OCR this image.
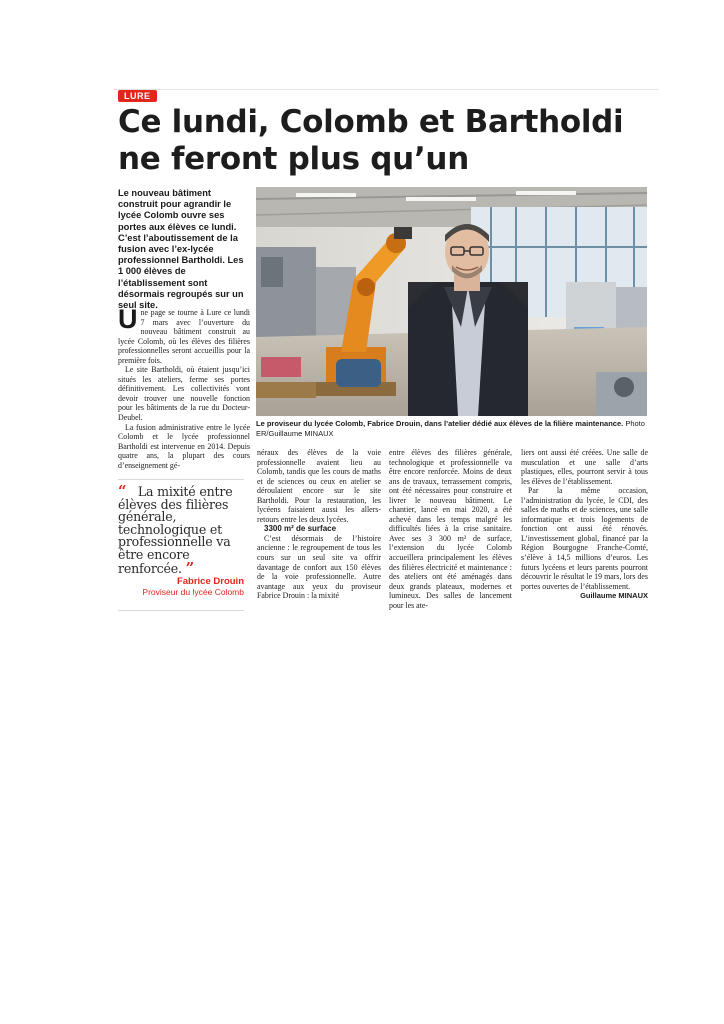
LURE
Ce lundi, Colomb et Bartholdi
ne feront plus qu’un
Le nouveau bâtiment construit pour agrandir le lycée Colomb ouvre ses portes aux élèves ce lundi. C’est l’aboutissement de la fusion avec l’ex-lycée professionnel Bartholdi. Les 1 000 élèves de l’établissement sont désormais regroupés sur un seul site.
Le proviseur du lycée Colomb, Fabrice Drouin, dans l’atelier dédié aux élèves de la filière maintenance. Photo ER/Guillaume MINAUX

Une page se tourne à Lure ce lundi 7 mars avec l’ouverture du nouveau bâtiment construit au lycée Colomb, où les élèves des filières professionnelles seront accueillis pour la première fois.

Le site Bartholdi, où étaient jusqu’ici situés les ateliers, ferme ses portes définitivement. Les collectivités vont devoir trouver une nouvelle fonction pour les bâtiments de la rue du Docteur-Deubel.

La fusion administrative entre le lycée Colomb et le lycée professionnel Bartholdi est intervenue en 2014. Depuis quatre ans, la plupart des cours d’enseignement gé-

“ La mixité entre élèves des filières générale, technologique et professionnelle va être encore renforcée. ”
Fabrice Drouin
Proviseur du lycée Colomb

néraux des élèves de la voie professionnelle avaient lieu au Colomb, tandis que les cours de maths et de sciences ou ceux en atelier se déroulaient encore sur le site Bartholdi. Pour la restauration, les lycéens faisaient aussi les allers-retours entre les deux lycées.

3300 m² de surface

C’est désormais de l’histoire ancienne : le regroupement de tous les cours sur un seul site va offrir davantage de confort aux 150 élèves de la voie professionnelle. Autre avantage aux yeux du proviseur Fabrice Drouin : la mixité

entre élèves des filières générale, technologique et professionnelle va être encore renforcée. Moins de deux ans de travaux, terrassement compris, ont été nécessaires pour construire et livrer le nouveau bâtiment. Le chantier, lancé en mai 2020, a été achevé dans les temps malgré les difficultés liées à la crise sanitaire. Avec ses 3 300 m² de surface, l’extension du lycée Colomb accueillera principalement les élèves des filières électricité et maintenance : des ateliers ont été aménagés dans deux grands plateaux, modernes et lumineux. Des salles de lancement pour les ate-

liers ont aussi été créées. Une salle de musculation et une salle d’arts plastiques, elles, pourront servir à tous les élèves de l’établissement.

Par la même occasion, l’administration du lycée, le CDI, des salles de maths et de sciences, une salle informatique et trois logements de fonction ont aussi été rénovés. L’investissement global, financé par la Région Bourgogne Franche-Comté, s’élève à 14,5 millions d’euros. Les futurs lycéens et leurs parents pourront découvrir le résultat le 19 mars, lors des portes ouvertes de l’établissement.

Guillaume MINAUX
